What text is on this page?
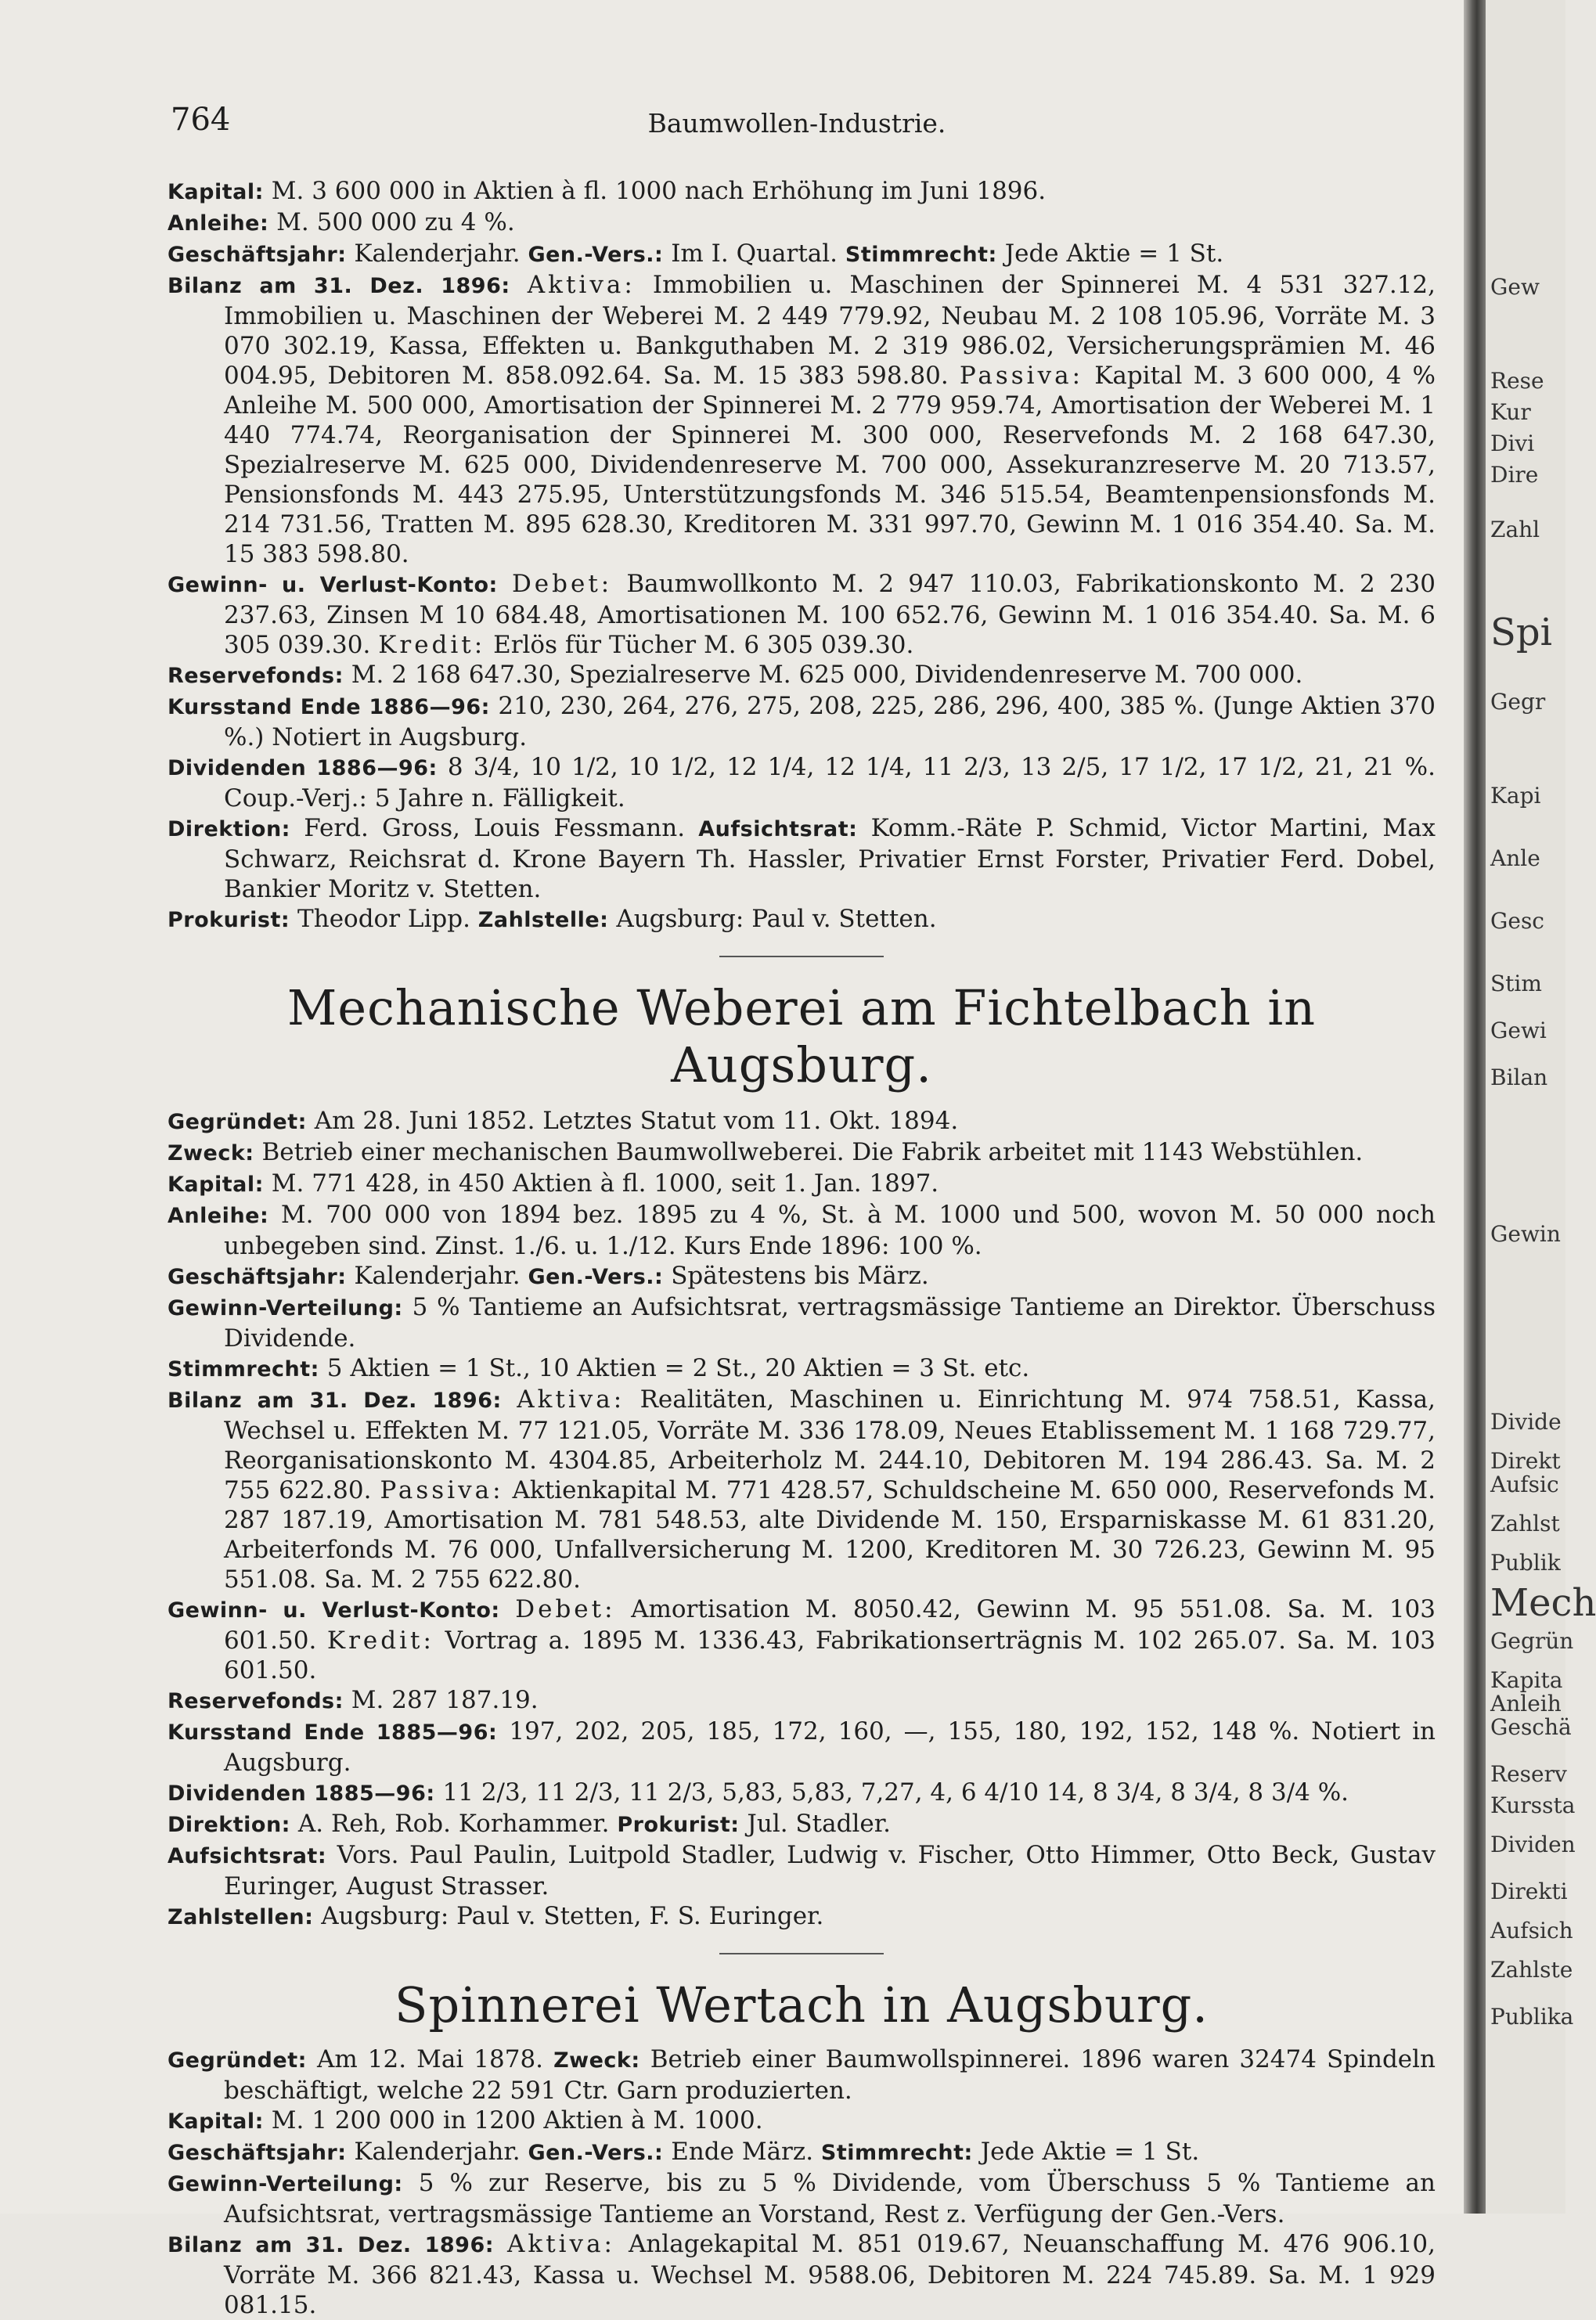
764	Baumwollen-Industrie.

Kapital: M. 3 600 000 in Aktien à fl. 1000 nach Erhöhung im Juni 1896.

Anleihe: M. 500 000 zu 4 %.

Geschäftsjahr: Kalenderjahr. Gen.-Vers.: Im I. Quartal. Stimmrecht: Jede Aktie = 1 St.

Bilanz am 31. Dez. 1896: Aktiva: Immobilien u. Maschinen der Spinnerei M. 4 531 327.12, Immobilien u. Maschinen der Weberei M. 2 449 779.92, Neubau M. 2 108 105.96, Vorräte M. 3 070 302.19, Kassa, Effekten u. Bankguthaben M. 2 319 986.02, Versicherungsprämien M. 46 004.95, Debitoren M. 858.092.64. Sa. M. 15 383 598.80. Passiva: Kapital M. 3 600 000, 4 % Anleihe M. 500 000, Amortisation der Spinnerei M. 2 779 959.74, Amortisation der Weberei M. 1 440 774.74, Reorganisation der Spinnerei M. 300 000, Reservefonds M. 2 168 647.30, Spezialreserve M. 625 000, Dividendenreserve M. 700 000, Assekuranzreserve M. 20 713.57, Pensionsfonds M. 443 275.95, Unterstützungsfonds M. 346 515.54, Beamtenpensionsfonds M. 214 731.56, Tratten M. 895 628.30, Kreditoren M. 331 997.70, Gewinn M. 1 016 354.40. Sa. M. 15 383 598.80.

Gewinn- u. Verlust-Konto: Debet: Baumwollkonto M. 2 947 110.03, Fabrikationskonto M. 2 230 237.63, Zinsen M 10 684.48, Amortisationen M. 100 652.76, Gewinn M. 1 016 354.40. Sa. M. 6 305 039.30. Kredit: Erlös für Tücher M. 6 305 039.30.

Reservefonds: M. 2 168 647.30, Spezialreserve M. 625 000, Dividendenreserve M. 700 000.

Kursstand Ende 1886—96: 210, 230, 264, 276, 275, 208, 225, 286, 296, 400, 385 %. (Junge Aktien 370 %.) Notiert in Augsburg.

Dividenden 1886—96: 8 3/4, 10 1/2, 10 1/2, 12 1/4, 12 1/4, 11 2/3, 13 2/5, 17 1/2, 17 1/2, 21, 21 %. Coup.-Verj.: 5 Jahre n. Fälligkeit.

Direktion: Ferd. Gross, Louis Fessmann. Aufsichtsrat: Komm.-Räte P. Schmid, Victor Martini, Max Schwarz, Reichsrat d. Krone Bayern Th. Hassler, Privatier Ernst Forster, Privatier Ferd. Dobel, Bankier Moritz v. Stetten.

Prokurist: Theodor Lipp. Zahlstelle: Augsburg: Paul v. Stetten.

Mechanische Weberei am Fichtelbach in Augsburg.

Gegründet: Am 28. Juni 1852. Letztes Statut vom 11. Okt. 1894.

Zweck: Betrieb einer mechanischen Baumwollweberei. Die Fabrik arbeitet mit 1143 Webstühlen.

Kapital: M. 771 428, in 450 Aktien à fl. 1000, seit 1. Jan. 1897.

Anleihe: M. 700 000 von 1894 bez. 1895 zu 4 %, St. à M. 1000 und 500, wovon M. 50 000 noch unbegeben sind. Zinst. 1./6. u. 1./12. Kurs Ende 1896: 100 %.

Geschäftsjahr: Kalenderjahr. Gen.-Vers.: Spätestens bis März.

Gewinn-Verteilung: 5 % Tantieme an Aufsichtsrat, vertragsmässige Tantieme an Direktor. Überschuss Dividende.

Stimmrecht: 5 Aktien = 1 St., 10 Aktien = 2 St., 20 Aktien = 3 St. etc.

Bilanz am 31. Dez. 1896: Aktiva: Realitäten, Maschinen u. Einrichtung M. 974 758.51, Kassa, Wechsel u. Effekten M. 77 121.05, Vorräte M. 336 178.09, Neues Etablissement M. 1 168 729.77, Reorganisationskonto M. 4304.85, Arbeiterholz M. 244.10, Debitoren M. 194 286.43. Sa. M. 2 755 622.80. Passiva: Aktienkapital M. 771 428.57, Schuldscheine M. 650 000, Reservefonds M. 287 187.19, Amortisation M. 781 548.53, alte Dividende M. 150, Ersparniskasse M. 61 831.20, Arbeiterfonds M. 76 000, Unfallversicherung M. 1200, Kreditoren M. 30 726.23, Gewinn M. 95 551.08. Sa. M. 2 755 622.80.

Gewinn- u. Verlust-Konto: Debet: Amortisation M. 8050.42, Gewinn M. 95 551.08. Sa. M. 103 601.50. Kredit: Vortrag a. 1895 M. 1336.43, Fabrikationserträgnis M. 102 265.07. Sa. M. 103 601.50.

Reservefonds: M. 287 187.19.

Kursstand Ende 1885—96: 197, 202, 205, 185, 172, 160, —, 155, 180, 192, 152, 148 %. Notiert in Augsburg.

Dividenden 1885—96: 11 2/3, 11 2/3, 11 2/3, 5,83, 5,83, 7,27, 4, 6 4/10 14, 8 3/4, 8 3/4, 8 3/4 %.

Direktion: A. Reh, Rob. Korhammer. Prokurist: Jul. Stadler.

Aufsichtsrat: Vors. Paul Paulin, Luitpold Stadler, Ludwig v. Fischer, Otto Himmer, Otto Beck, Gustav Euringer, August Strasser.

Zahlstellen: Augsburg: Paul v. Stetten, F. S. Euringer.

Spinnerei Wertach in Augsburg.

Gegründet: Am 12. Mai 1878. Zweck: Betrieb einer Baumwollspinnerei. 1896 waren 32474 Spindeln beschäftigt, welche 22 591 Ctr. Garn produzierten.

Kapital: M. 1 200 000 in 1200 Aktien à M. 1000.

Geschäftsjahr: Kalenderjahr. Gen.-Vers.: Ende März. Stimmrecht: Jede Aktie = 1 St.

Gewinn-Verteilung: 5 % zur Reserve, bis zu 5 % Dividende, vom Überschuss 5 % Tantieme an Aufsichtsrat, vertragsmässige Tantieme an Vorstand, Rest z. Verfügung der Gen.-Vers.

Bilanz am 31. Dez. 1896: Aktiva: Anlagekapital M. 851 019.67, Neuanschaffung M. 476 906.10, Vorräte M. 366 821.43, Kassa u. Wechsel M. 9588.06, Debitoren M. 224 745.89. Sa. M. 1 929 081.15.

Gew
Rese
Kur
Divi
Dire
Zahl
Spi
Gegr
Kapi
Anle
Gesc
Stim
Gewi
Bilan
Gewin
Divide
Direkt
Aufsic
Zahlst
Publik
Mech
Gegrün
Kapita
Anleih
Geschä
Reserv
Kurssta
Dividen
Direkti
Aufsich
Zahlste
Publika
